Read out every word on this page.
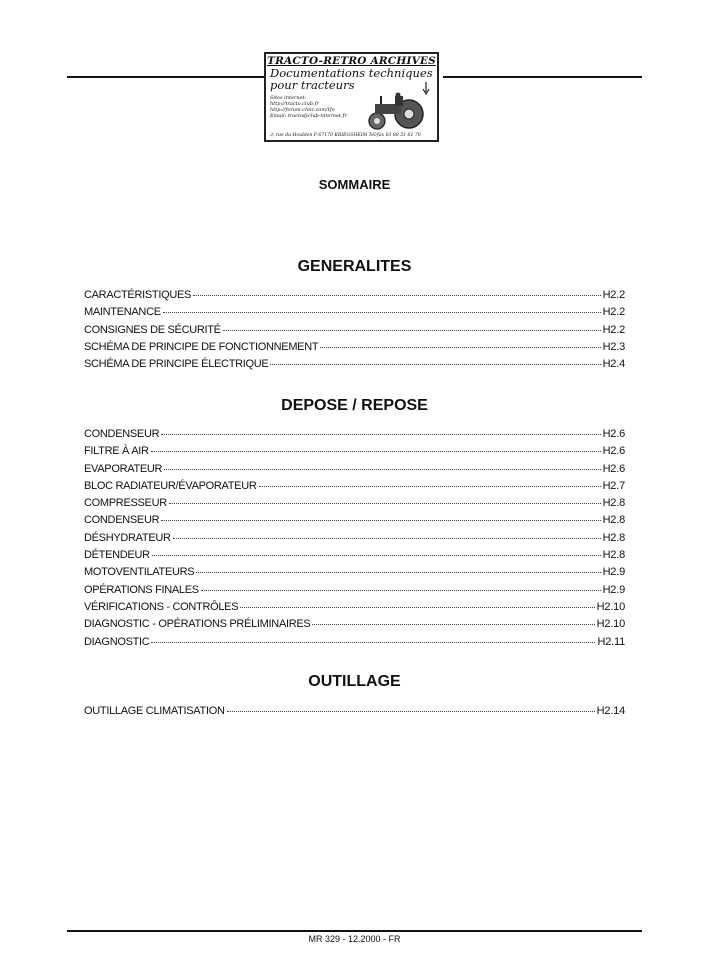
TRACTO-RETRO ARCHIVES
Documentations techniques
pour tracteurs
Sites internet:
http://tracto.club.fr
http://forum.chez.com/tfo
Email: tracto@club-internet.fr
3, rue du Houblon F-67170 KRIEGSHEIM Tél/fax 03 88 51 61 70
SOMMAIRE
GENERALITES
CARACTÉRISTIQUES	H2.2
MAINTENANCE	H2.2
CONSIGNES DE SÉCURITÉ	H2.2
SCHÉMA DE PRINCIPE DE FONCTIONNEMENT	H2.3
SCHÉMA DE PRINCIPE ÉLECTRIQUE	H2.4
DEPOSE / REPOSE
CONDENSEUR	H2.6
FILTRE À AIR	H2.6
EVAPORATEUR	H2.6
BLOC RADIATEUR/ÉVAPORATEUR	H2.7
COMPRESSEUR	H2.8
CONDENSEUR	H2.8
DÉSHYDRATEUR	H2.8
DÉTENDEUR	H2.8
MOTOVENTILATEURS	H2.9
OPÉRATIONS FINALES	H2.9
VÉRIFICATIONS - CONTRÔLES	H2.10
DIAGNOSTIC - OPÉRATIONS PRÉLIMINAIRES	H2.10
DIAGNOSTIC	H2.11
OUTILLAGE
OUTILLAGE CLIMATISATION	H2.14
MR 329 - 12.2000 - FR
